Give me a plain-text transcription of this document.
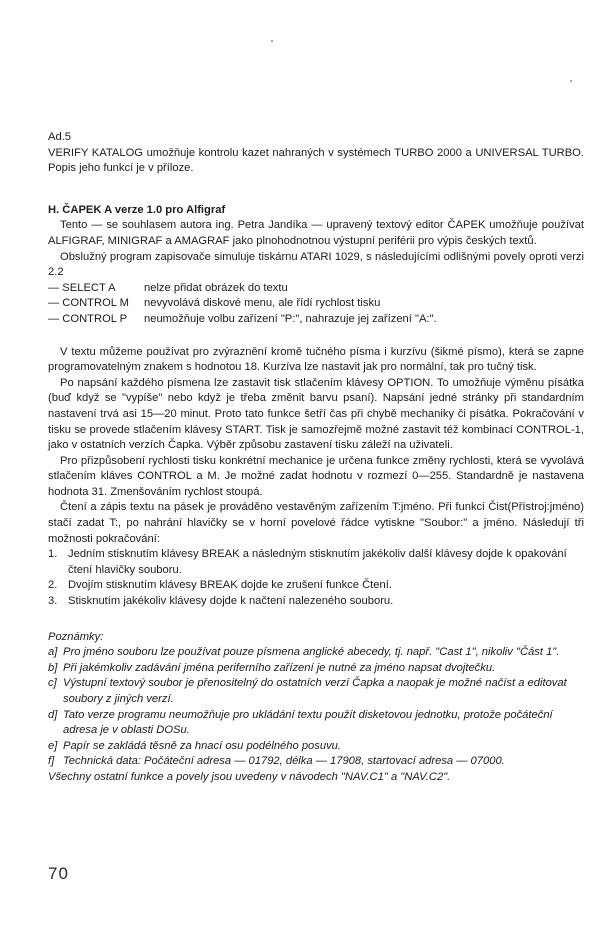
Ad.5

VERIFY KATALOG umožňuje kontrolu kazet nahraných v systémech TURBO 2000 a UNIVERSAL TURBO. Popis jeho funkcí je v příloze.

H. ČAPEK A verze 1.0 pro Alfigraf

Tento — se souhlasem autora ing. Petra Jandíka — upravený textový editor ČAPEK umožňuje používat ALFIGRAF, MINIGRAF a AMAGRAF jako plnohodnotnou výstupní periférii pro výpis českých textů.

Obslužný program zapisovače simuluje tiskárnu ATARI 1029, s následujícími odlišnými povely oproti verzi 2.2

— SELECT A	nelze přidat obrázek do textu
— CONTROL M	nevyvolává diskové menu, ale řídí rychlost tisku
— CONTROL P	neumožňuje volbu zařízení "P:", nahrazuje jej zařízení "A:".

V textu můžeme používat pro zvýraznění kromě tučného písma i kurzívu (šikmé písmo), která se zapne programovatelným znakem s hodnotou 18. Kurzíva lze nastavit jak pro normální, tak pro tučný tisk.

Po napsání každého písmena lze zastavit tisk stlačením klávesy OPTION. To umožňuje výměnu písátka (buď když se "vypíše" nebo když je třeba změnit barvu psaní). Napsání jedné stránky při standardním nastavení trvá asi 15—20 minut. Proto tato funkce šetří čas při chybě mechaniky či písátka. Pokračování v tisku se provede stlačením klávesy START. Tisk je samozřejmě možné zastavit též kombinací CONTROL-1, jako v ostatních verzích Čapka. Výběr způsobu zastavení tisku záleží na uživateli.

Pro přizpůsobení rychlosti tisku konkrétní mechanice je určena funkce změny rychlosti, která se vyvolává stlačením kláves CONTROL a M. Je možné zadat hodnotu v rozmezí 0—255. Standardně je nastavena hodnota 31. Zmenšováním rychlost stoupá.

Čtení a zápis textu na pásek je prováděno vestavěným zařízením T:jméno. Při funkci Čist(Přístroj:jméno) stačí zadat T:, po nahrání hlavičky se v horní povelové řádce vytiskne "Soubor:" a jméno. Následují tři možnosti pokračování:

1. Jedním stisknutím klávesy BREAK a následným stisknutím jakékoliv další klávesy dojde k opakování čtení hlavičky souboru.
2. Dvojím stisknutím klávesy BREAK dojde ke zrušení funkce Čtení.
3. Stisknutím jakékoliv klávesy dojde k načtení nalezeného souboru.

Poznámky:

a] Pro jméno souboru lze používat pouze písmena anglické abecedy, tj. např. "Cast 1", nikoliv "Část 1".
b] Při jakémkoliv zadávání jména periferního zařízení je nutné za jméno napsat dvojtečku.
c] Výstupní textový soubor je přenositelný do ostatních verzí Čapka a naopak je možné načíst a editovat soubory z jiných verzí.
d] Tato verze programu neumožňuje pro ukládání textu použít disketovou jednotku, protože počáteční adresa je v oblasti DOSu.
e] Papír se zakládá těsně za hnací osu podélného posuvu.
f] Technická data: Počáteční adresa — 01792, délka — 17908, startovací adresa — 07000.

Všechny ostatní funkce a povely jsou uvedeny v návodech "NAV.C1" a "NAV.C2".

70
